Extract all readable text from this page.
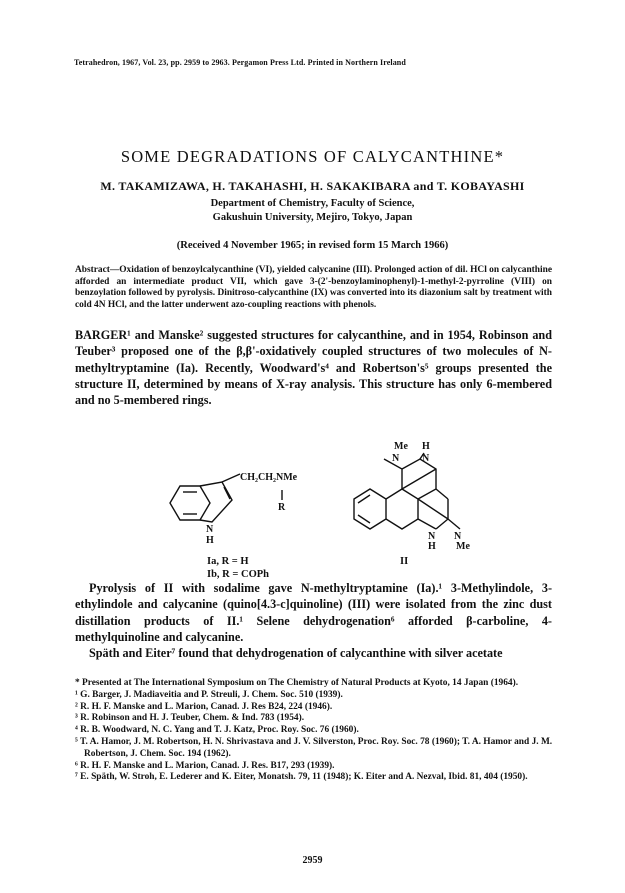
Tetrahedron, 1967, Vol. 23, pp. 2959 to 2963. Pergamon Press Ltd. Printed in Northern Ireland
SOME DEGRADATIONS OF CALYCANTHINE*
M. TAKAMIZAWA, H. TAKAHASHI, H. SAKAKIBARA and T. KOBAYASHI
Department of Chemistry, Faculty of Science,
Gakushuin University, Mejiro, Tokyo, Japan
(Received 4 November 1965; in revised form 15 March 1966)
Abstract—Oxidation of benzoylcalycanthine (VI), yielded calycanine (III). Prolonged action of dil. HCl on calycanthine afforded an intermediate product VII, which gave 3-(2'-benzoylaminophenyl)-1-methyl-2-pyrroline (VIII) on benzoylation followed by pyrolysis. Dinitroso-calycanthine (IX) was converted into its diazonium salt by treatment with cold 4N HCl, and the latter underwent azo-coupling reactions with phenols.

BARGER¹ and Manske² suggested structures for calycanthine, and in 1954, Robinson and Teuber³ proposed one of the β,β'-oxidatively coupled structures of two molecules of N-methyltryptamine (Ia). Recently, Woodward's⁴ and Robertson's⁵ groups presented the structure II, determined by means of X-ray analysis. This structure has only 6-membered and no 5-membered rings.

CH₂CH₂NMe
R
N
H
Me H
N N
N
H
N
Me
Ia, R = H
Ib, R = COPh
II

Pyrolysis of II with sodalime gave N-methyltryptamine (Ia).¹ 3-Methylindole, 3-ethylindole and calycanine (quino[4.3-c]quinoline) (III) were isolated from the zinc dust distillation products of II.¹ Selene dehydrogenation⁶ afforded β-carboline, 4-methylquinoline and calycanine.

Späth and Eiter⁷ found that dehydrogenation of calycanthine with silver acetate

* Presented at The International Symposium on The Chemistry of Natural Products at Kyoto, 14 Japan (1964).
¹ G. Barger, J. Madiaveitia and P. Streuli, J. Chem. Soc. 510 (1939).
² R. H. F. Manske and L. Marion, Canad. J. Res B24, 224 (1946).
³ R. Robinson and H. J. Teuber, Chem. & Ind. 783 (1954).
⁴ R. B. Woodward, N. C. Yang and T. J. Katz, Proc. Roy. Soc. 76 (1960).
⁵ T. A. Hamor, J. M. Robertson, H. N. Shrivastava and J. V. Silverston, Proc. Roy. Soc. 78 (1960); T. A. Hamor and J. M. Robertson, J. Chem. Soc. 194 (1962).
⁶ R. H. F. Manske and L. Marion, Canad. J. Res. B17, 293 (1939).
⁷ E. Späth, W. Stroh, E. Lederer and K. Eiter, Monatsh. 79, 11 (1948); K. Eiter and A. Nezval, Ibid. 81, 404 (1950).
2959
